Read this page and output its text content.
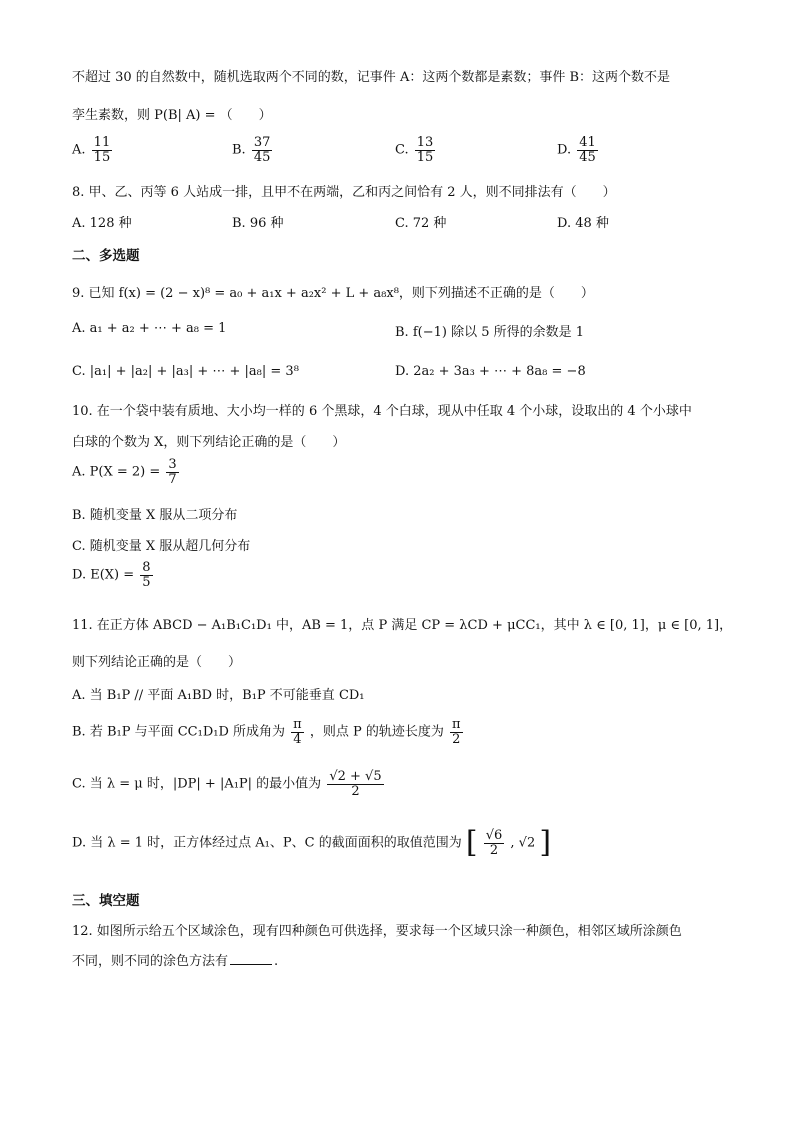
不超过 30 的自然数中，随机选取两个不同的数，记事件 A：这两个数都是素数；事件 B：这两个数不是
孪生素数，则 P(B| A) = （　　）
A. $\frac{11}{15}$	B. $\frac{37}{45}$	C. $\frac{13}{15}$	D. $\frac{41}{45}$
8. 甲、乙、丙等 6 人站成一排，且甲不在两端，乙和丙之间恰有 2 人，则不同排法有（　　）
A. 128 种	B. 96 种	C. 72 种	D. 48 种
二、多选题
9. 已知 f(x) = (2 − x)⁸ = a₀ + a₁x + a₂x² + L + a₈x⁸，则下列描述不正确的是（　　）
A. a₁ + a₂ + ⋯ + a₈ = 1	B. f(−1) 除以 5 所得的余数是 1
C. |a₁| + |a₂| + |a₃| + ⋯ + |a₈| = 3⁸	D. 2a₂ + 3a₃ + ⋯ + 8a₈ = −8
10. 在一个袋中装有质地、大小均一样的 6 个黑球，4 个白球，现从中任取 4 个小球，设取出的 4 个小球中
白球的个数为 X，则下列结论正确的是（　　）
A. $P(X = 2) = \frac{3}{7}$
B. 随机变量 X 服从二项分布
C. 随机变量 X 服从超几何分布
D. $E(X) = \frac{8}{5}$
11. 在正方体 ABCD − A₁B₁C₁D₁ 中，AB = 1，点 P 满足 CP = λCD + μCC₁，其中 λ ∈ [0, 1]，μ ∈ [0, 1]，
则下列结论正确的是（　　）
A. 当 B₁P // 平面 A₁BD 时，B₁P 不可能垂直 CD₁
B. 若 B₁P 与平面 CC₁D₁D 所成角为 $\frac{\pi}{4}$ ，则点 P 的轨迹长度为 $\frac{\pi}{2}$
C. 当 λ = μ 时，|DP| + |A₁P| 的最小值为 $\frac{√2 + √5}{2}$
D. 当 λ = 1 时，正方体经过点 A₁、P、C 的截面面积的取值范围为 [ $\frac{√6}{2}$ , √2 ]
三、填空题
12. 如图所示给五个区域涂色，现有四种颜色可供选择，要求每一个区域只涂一种颜色，相邻区域所涂颜色
不同，则不同的涂色方法有	.
